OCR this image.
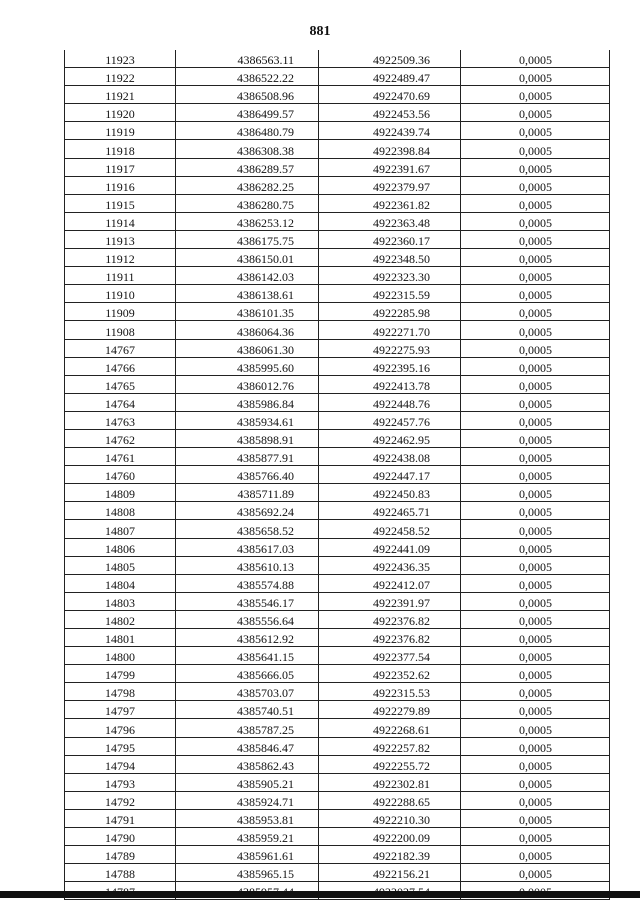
881
11923	4386563.11	4922509.36	0,0005
11922	4386522.22	4922489.47	0,0005
11921	4386508.96	4922470.69	0,0005
11920	4386499.57	4922453.56	0,0005
11919	4386480.79	4922439.74	0,0005
11918	4386308.38	4922398.84	0,0005
11917	4386289.57	4922391.67	0,0005
11916	4386282.25	4922379.97	0,0005
11915	4386280.75	4922361.82	0,0005
11914	4386253.12	4922363.48	0,0005
11913	4386175.75	4922360.17	0,0005
11912	4386150.01	4922348.50	0,0005
11911	4386142.03	4922323.30	0,0005
11910	4386138.61	4922315.59	0,0005
11909	4386101.35	4922285.98	0,0005
11908	4386064.36	4922271.70	0,0005
14767	4386061.30	4922275.93	0,0005
14766	4385995.60	4922395.16	0,0005
14765	4386012.76	4922413.78	0,0005
14764	4385986.84	4922448.76	0,0005
14763	4385934.61	4922457.76	0,0005
14762	4385898.91	4922462.95	0,0005
14761	4385877.91	4922438.08	0,0005
14760	4385766.40	4922447.17	0,0005
14809	4385711.89	4922450.83	0,0005
14808	4385692.24	4922465.71	0,0005
14807	4385658.52	4922458.52	0,0005
14806	4385617.03	4922441.09	0,0005
14805	4385610.13	4922436.35	0,0005
14804	4385574.88	4922412.07	0,0005
14803	4385546.17	4922391.97	0,0005
14802	4385556.64	4922376.82	0,0005
14801	4385612.92	4922376.82	0,0005
14800	4385641.15	4922377.54	0,0005
14799	4385666.05	4922352.62	0,0005
14798	4385703.07	4922315.53	0,0005
14797	4385740.51	4922279.89	0,0005
14796	4385787.25	4922268.61	0,0005
14795	4385846.47	4922257.82	0,0005
14794	4385862.43	4922255.72	0,0005
14793	4385905.21	4922302.81	0,0005
14792	4385924.71	4922288.65	0,0005
14791	4385953.81	4922210.30	0,0005
14790	4385959.21	4922200.09	0,0005
14789	4385961.61	4922182.39	0,0005
14788	4385965.15	4922156.21	0,0005
